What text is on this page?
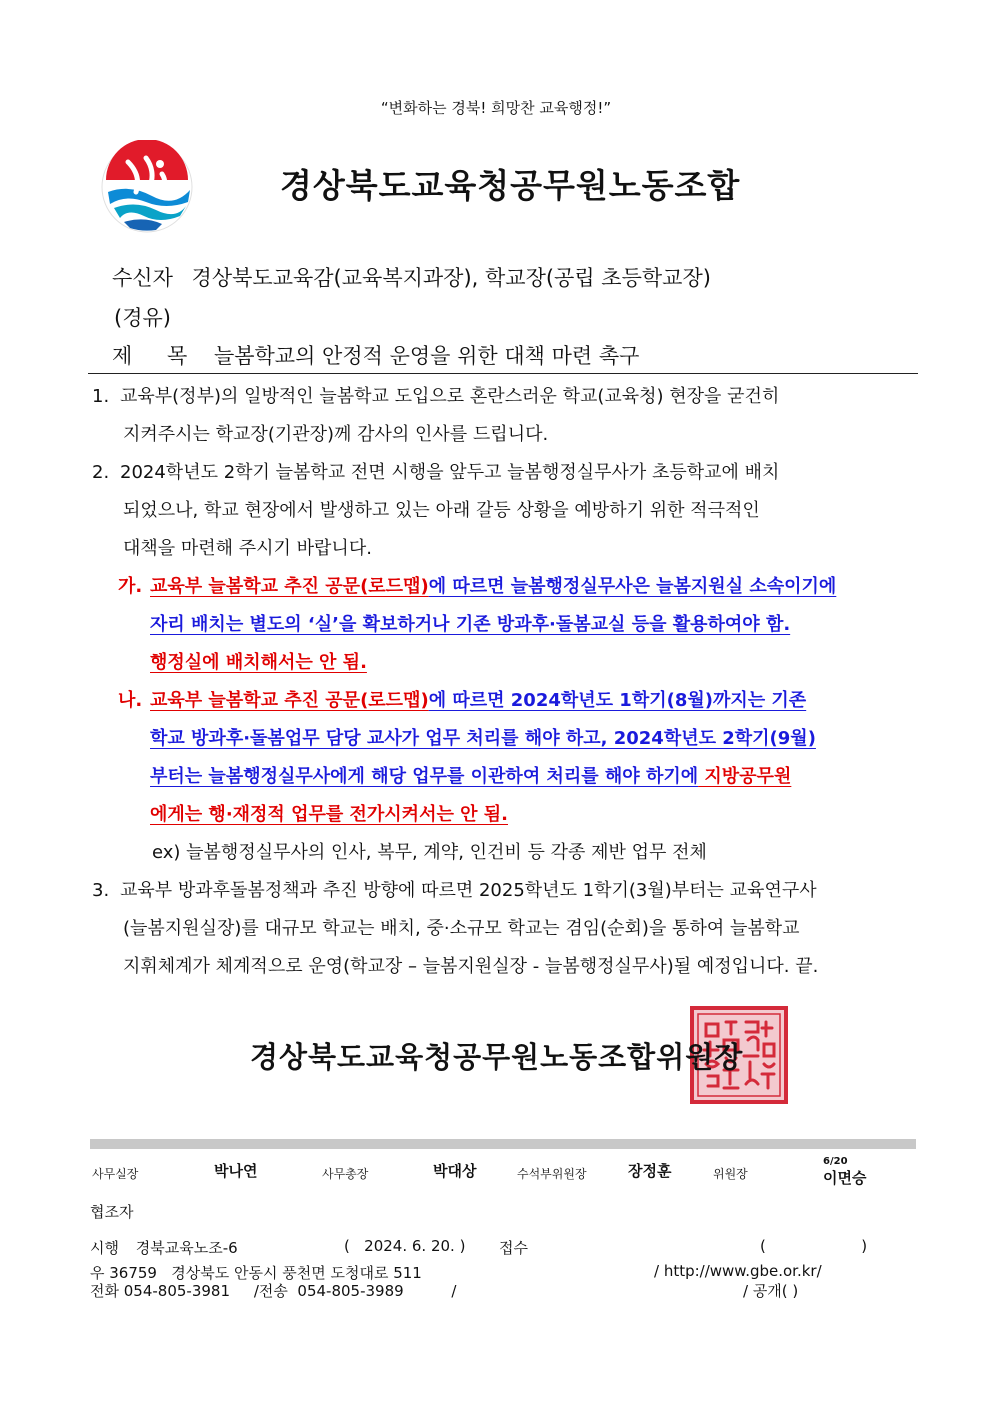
“변화하는 경북! 희망찬 교육행정!”
경상북도교육청공무원노동조합
수신자 경상북도교육감(교육복지과장), 학교장(공립 초등학교장)
(경유)
제 목 늘봄학교의 안정적 운영을 위한 대책 마련 촉구
1. 교육부(정부)의 일방적인 늘봄학교 도입으로 혼란스러운 학교(교육청) 현장을 굳건히
지켜주시는 학교장(기관장)께 감사의 인사를 드립니다.
2. 2024학년도 2학기 늘봄학교 전면 시행을 앞두고 늘봄행정실무사가 초등학교에 배치
되었으나, 학교 현장에서 발생하고 있는 아래 갈등 상황을 예방하기 위한 적극적인
대책을 마련해 주시기 바랍니다.
가. 교육부 늘봄학교 추진 공문(로드맵)에 따르면 늘봄행정실무사은 늘봄지원실 소속이기에
자리 배치는 별도의 ‘실’을 확보하거나 기존 방과후·돌봄교실 등을 활용하여야 함.
행정실에 배치해서는 안 됨.
나. 교육부 늘봄학교 추진 공문(로드맵)에 따르면 2024학년도 1학기(8월)까지는 기존
학교 방과후·돌봄업무 담당 교사가 업무 처리를 해야 하고, 2024학년도 2학기(9월)
부터는 늘봄행정실무사에게 해당 업무를 이관하여 처리를 해야 하기에 지방공무원
에게는 행·재정적 업무를 전가시켜서는 안 됨.
ex) 늘봄행정실무사의 인사, 복무, 계약, 인건비 등 각종 제반 업무 전체
3. 교육부 방과후돌봄정책과 추진 방향에 따르면 2025학년도 1학기(3월)부터는 교육연구사
(늘봄지원실장)를 대규모 학교는 배치, 중·소규모 학교는 겸임(순회)을 통하여 늘봄학교
지휘체계가 체계적으로 운영(학교장 – 늘봄지원실장 - 늘봄행정실무사)될 예정입니다. 끝.
경상북도교육청공무원노동조합위원장
사무실장	박나연	사무총장	박대상	수석부위원장	장정훈	위원장
6/20
이면승
협조자
시행 경북교육노조-6	(   2024. 6. 20. ) 접수	(                    )
우 36759   경상북도 안동시 풍천면 도청대로 511	/ http://www.gbe.or.kr/
전화 054-805-3981     /전송  054-805-3989          /	/ 공개( )
